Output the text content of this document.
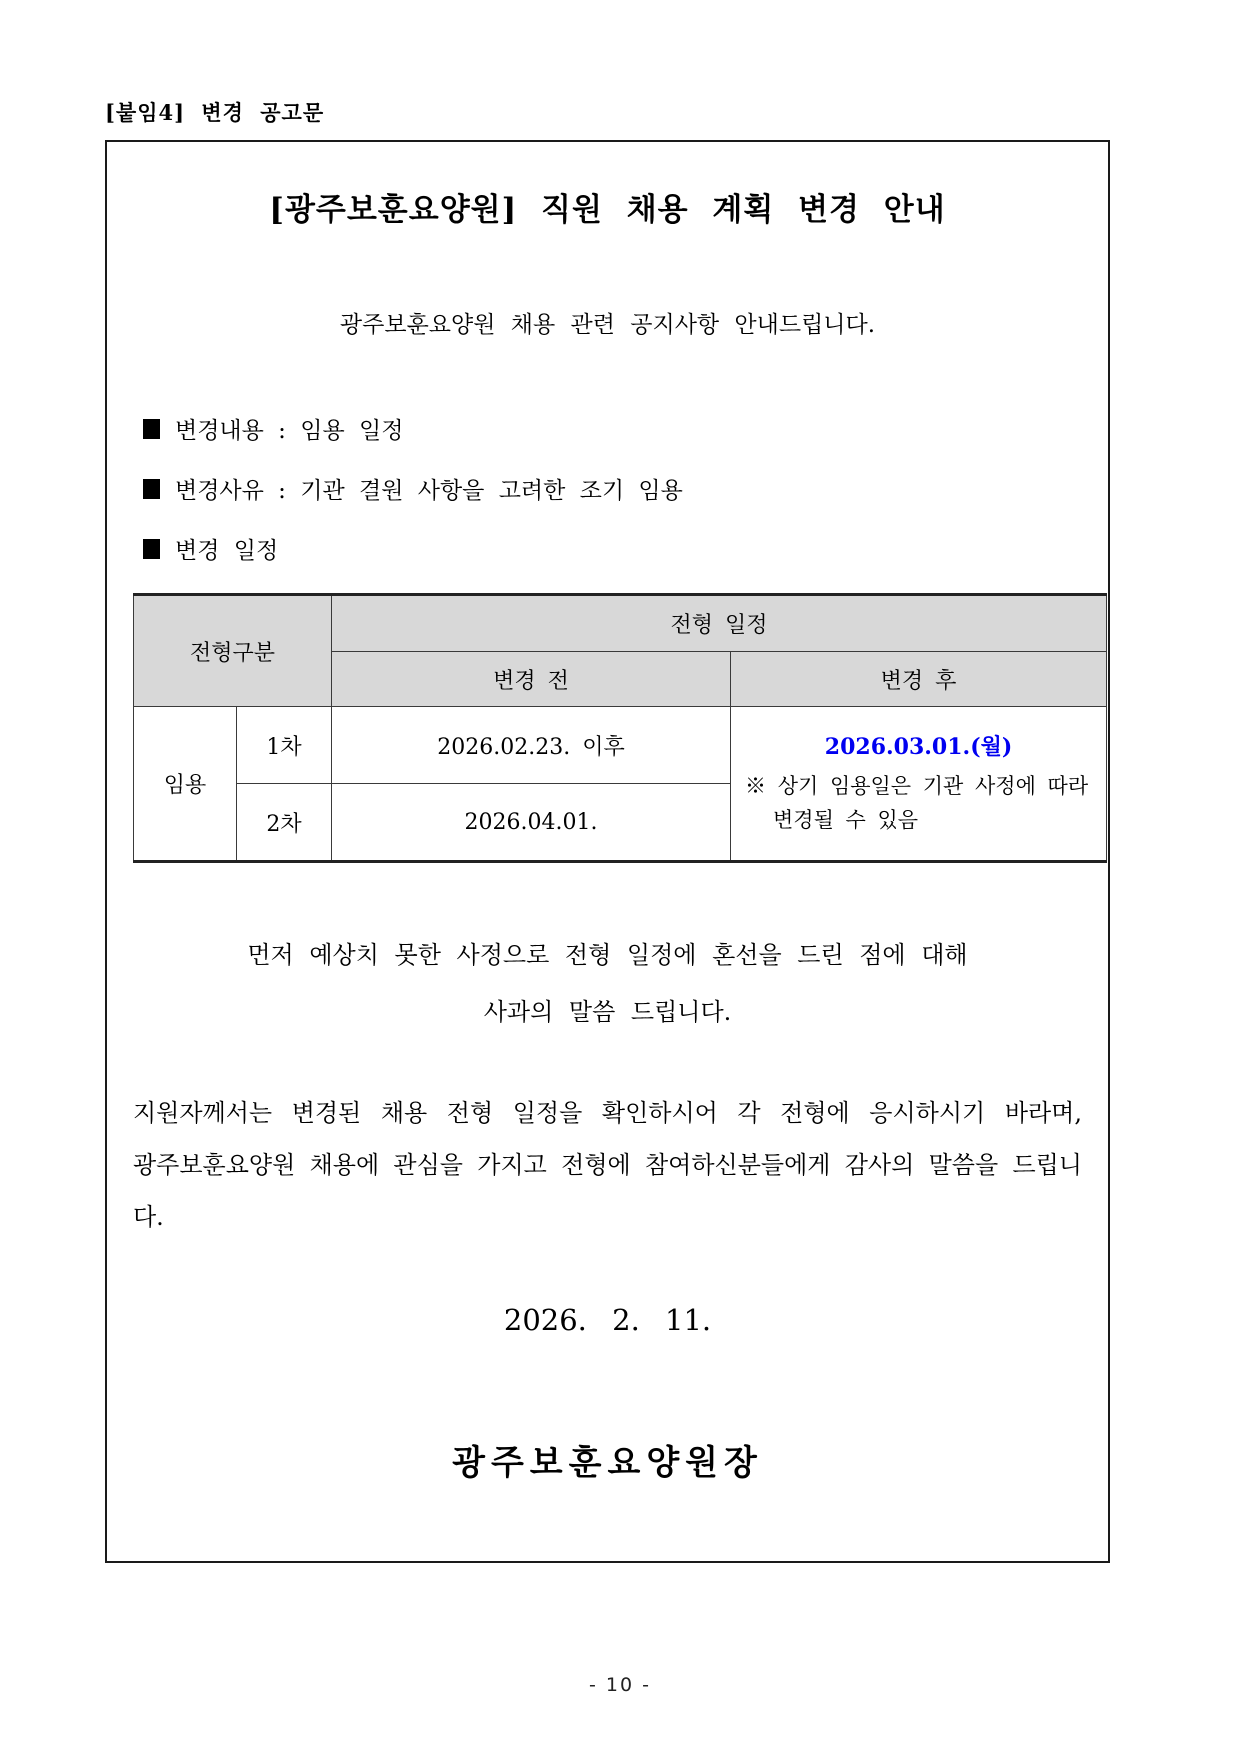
[붙임4] 변경 공고문
[광주보훈요양원] 직원 채용 계획 변경 안내
광주보훈요양원 채용 관련 공지사항 안내드립니다.
변경내용 : 임용 일정
변경사유 : 기관 결원 사항을 고려한 조기 임용
변경 일정
전형구분		전형 일정	
		변경 전	변경 후
임용	1차	2026.02.23. 이후	2026.03.01.(월)
※ 상기 임용일은 기관 사정에 따라 변경될 수 있음

	2차	2026.04.01.	
먼저 예상치 못한 사정으로 전형 일정에 혼선을 드린 점에 대해
사과의 말씀 드립니다.
지원자께서는 변경된 채용 전형 일정을 확인하시어 각 전형에 응시하시기 바라며,
광주보훈요양원 채용에 관심을 가지고 전형에 참여하신분들에게 감사의 말씀을 드립니다.
2026. 2. 11.
광주보훈요양원장
- 10 -
